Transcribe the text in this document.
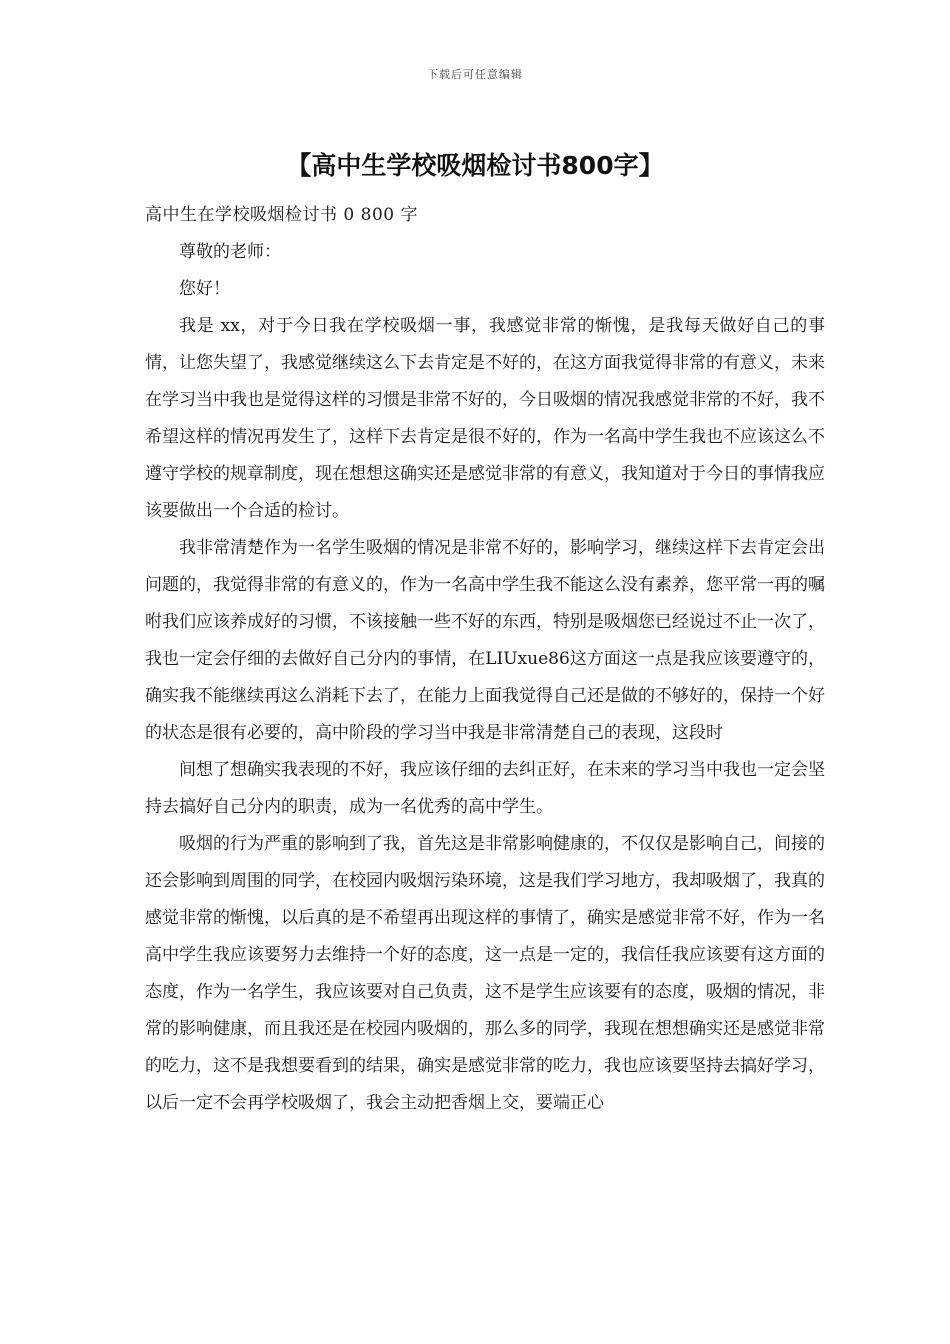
下载后可任意编辑
【高中生学校吸烟检讨书800字】

高中生在学校吸烟检讨书 0 800 字

尊敬的老师：

您好！

我是 xx，对于今日我在学校吸烟一事，我感觉非常的惭愧，是我每天做好自己的事情，让您失望了，我感觉继续这么下去肯定是不好的，在这方面我觉得非常的有意义，未来在学习当中我也是觉得这样的习惯是非常不好的，今日吸烟的情况我感觉非常的不好，我不希望这样的情况再发生了，这样下去肯定是很不好的，作为一名高中学生我也不应该这么不遵守学校的规章制度，现在想想这确实还是感觉非常的有意义，我知道对于今日的事情我应该要做出一个合适的检讨。

我非常清楚作为一名学生吸烟的情况是非常不好的，影响学习，继续这样下去肯定会出问题的，我觉得非常的有意义的，作为一名高中学生我不能这么没有素养，您平常一再的嘱咐我们应该养成好的习惯，不该接触一些不好的东西，特别是吸烟您已经说过不止一次了，我也一定会仔细的去做好自己分内的事情，在LIUxue86这方面这一点是我应该要遵守的，确实我不能继续再这么消耗下去了，在能力上面我觉得自己还是做的不够好的，保持一个好的状态是很有必要的，高中阶段的学习当中我是非常清楚自己的表现，这段时

间想了想确实我表现的不好，我应该仔细的去纠正好，在未来的学习当中我也一定会坚持去搞好自己分内的职责，成为一名优秀的高中学生。

吸烟的行为严重的影响到了我，首先这是非常影响健康的，不仅仅是影响自己，间接的还会影响到周围的同学，在校园内吸烟污染环境，这是我们学习地方，我却吸烟了，我真的感觉非常的惭愧，以后真的是不希望再出现这样的事情了，确实是感觉非常不好，作为一名高中学生我应该要努力去维持一个好的态度，这一点是一定的，我信任我应该要有这方面的态度，作为一名学生，我应该要对自己负责，这不是学生应该要有的态度，吸烟的情况，非常的影响健康，而且我还是在校园内吸烟的，那么多的同学，我现在想想确实还是感觉非常的吃力，这不是我想要看到的结果，确实是感觉非常的吃力，我也应该要坚持去搞好学习，以后一定不会再学校吸烟了，我会主动把香烟上交，要端正心
